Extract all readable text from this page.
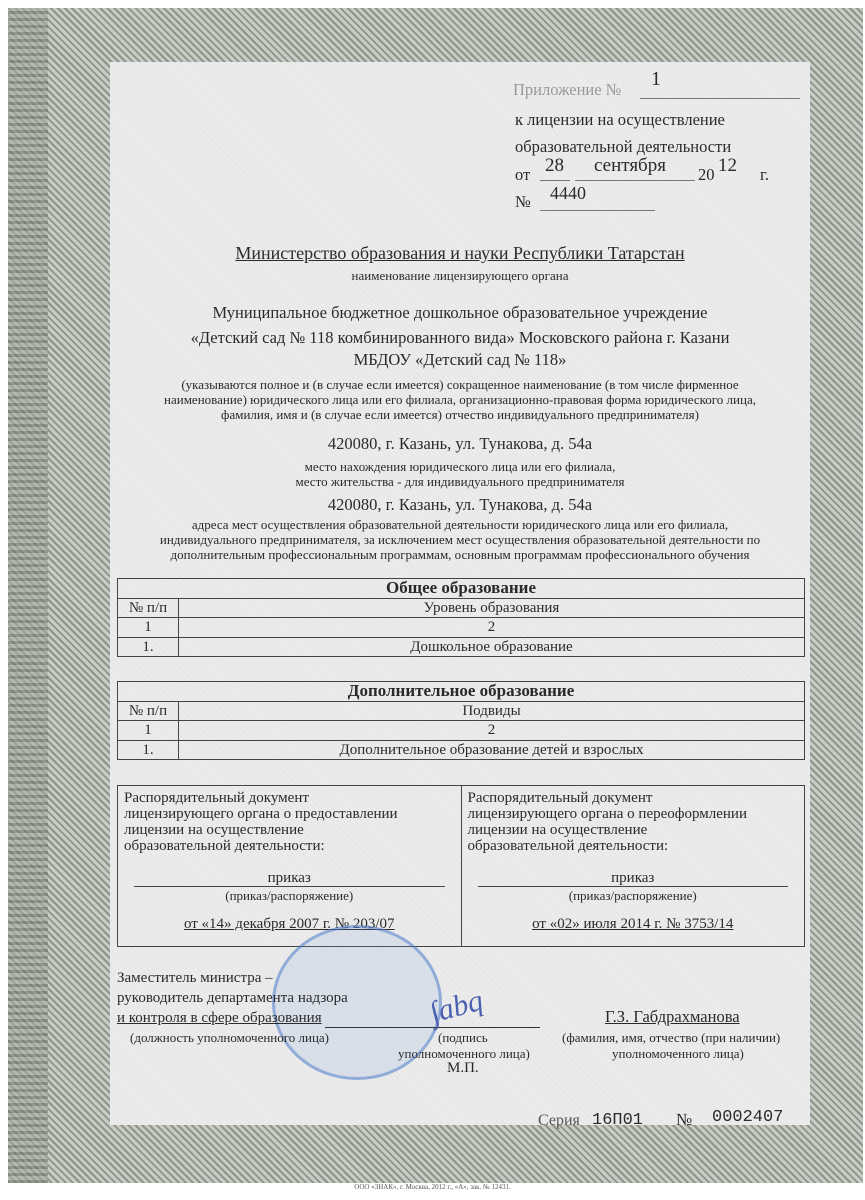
Приложение № 1
к лицензии на осуществление
образовательной деятельности
от 28 сентября 20 12 г.
№ 4440
Министерство образования и науки Республики Татарстан
наименование лицензирующего органа
Муниципальное бюджетное дошкольное образовательное учреждение
«Детский сад № 118 комбинированного вида» Московского района г. Казани
МБДОУ «Детский сад № 118»
(указываются полное и (в случае если имеется) сокращенное наименование (в том числе фирменное
наименование) юридического лица или его филиала, организационно-правовая форма юридического лица,
фамилия, имя и (в случае если имеется) отчество индивидуального предпринимателя)
420080, г. Казань, ул. Тунакова, д. 54а
место нахождения юридического лица или его филиала,
место жительства - для индивидуального предпринимателя
420080, г. Казань, ул. Тунакова, д. 54а
адреса мест осуществления образовательной деятельности юридического лица или его филиала,
индивидуального предпринимателя, за исключением мест осуществления образовательной деятельности по
дополнительным профессиональным программам, основным программам профессионального обучения
Общее образование	
№ п/п	Уровень образования
1	2
1.	Дошкольное образование
Дополнительное образование	
№ п/п	Подвиды
1	2
1.	Дополнительное образование детей и взрослых
Распорядительный документ
лицензирующего органа о предоставлении
лицензии на осуществление
образовательной деятельности:
приказ
(приказ/распоряжение)
от «14» декабря 2007 г. № 203/07
Распорядительный документ
лицензирующего органа о переоформлении
лицензии на осуществление
образовательной деятельности:
приказ
(приказ/распоряжение)
от «02» июля 2014 г. № 3753/14
Заместитель министра –
руководитель департамента надзора
и контроля в сфере образования
(должность уполномоченного лица)
∫abq
(подпись
уполномоченного лица)
М.П.
Г.З. Габдрахманова
(фамилия, имя, отчество (при наличии)
уполномоченного лица)
Серия 16П01 № 0002407
ООО «ЗНАК», г. Москва, 2012 г., «А», зак. № 12431.
